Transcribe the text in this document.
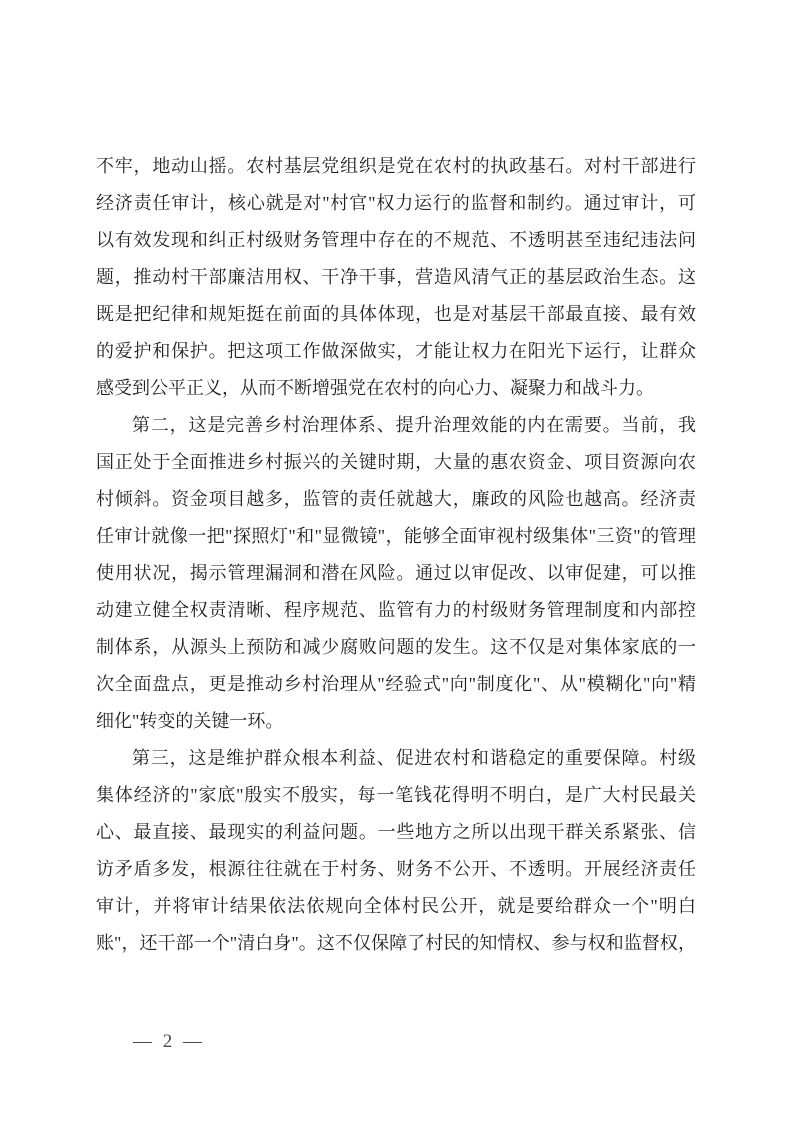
不牢，地动山摇。农村基层党组织是党在农村的执政基石。对村干部进行
经济责任审计，核心就是对"村官"权力运行的监督和制约。通过审计，可
以有效发现和纠正村级财务管理中存在的不规范、不透明甚至违纪违法问
题，推动村干部廉洁用权、干净干事，营造风清气正的基层政治生态。这
既是把纪律和规矩挺在前面的具体体现，也是对基层干部最直接、最有效
的爱护和保护。把这项工作做深做实，才能让权力在阳光下运行，让群众
感受到公平正义，从而不断增强党在农村的向心力、凝聚力和战斗力。
第二，这是完善乡村治理体系、提升治理效能的内在需要。当前，我
国正处于全面推进乡村振兴的关键时期，大量的惠农资金、项目资源向农
村倾斜。资金项目越多，监管的责任就越大，廉政的风险也越高。经济责
任审计就像一把"探照灯"和"显微镜"，能够全面审视村级集体"三资"的管理
使用状况，揭示管理漏洞和潜在风险。通过以审促改、以审促建，可以推
动建立健全权责清晰、程序规范、监管有力的村级财务管理制度和内部控
制体系，从源头上预防和减少腐败问题的发生。这不仅是对集体家底的一
次全面盘点，更是推动乡村治理从"经验式"向"制度化"、从"模糊化"向"精
细化"转变的关键一环。
第三，这是维护群众根本利益、促进农村和谐稳定的重要保障。村级
集体经济的"家底"殷实不殷实，每一笔钱花得明不明白，是广大村民最关
心、最直接、最现实的利益问题。一些地方之所以出现干群关系紧张、信
访矛盾多发，根源往往就在于村务、财务不公开、不透明。开展经济责任
审计，并将审计结果依法依规向全体村民公开，就是要给群众一个"明白
账"，还干部一个"清白身"。这不仅保障了村民的知情权、参与权和监督权，
— 2 —
